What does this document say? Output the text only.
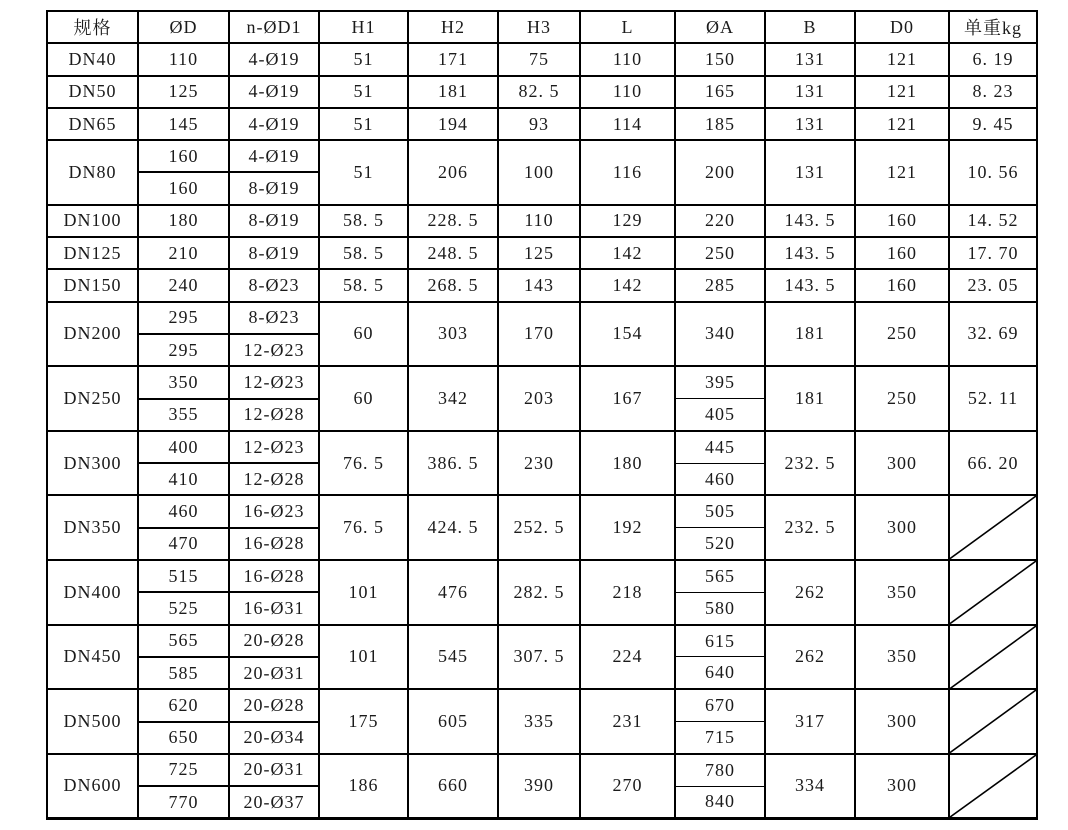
规格	ØD	n-ØD1	H1	H2	H3	L	ØA	B	D0	单重kg
DN40	110	4-Ø19	51	171	75	110	150	131	121	6. 19
DN50	125	4-Ø19	51	181	82. 5	110	165	131	121	8. 23
DN65	145	4-Ø19	51	194	93	114	185	131	121	9. 45
DN80	160	4-Ø19	51	206	100	116	200	131	121	10. 56
	160	8-Ø19								
DN100	180	8-Ø19	58. 5	228. 5	110	129	220	143. 5	160	14. 52
DN125	210	8-Ø19	58. 5	248. 5	125	142	250	143. 5	160	17. 70
DN150	240	8-Ø23	58. 5	268. 5	143	142	285	143. 5	160	23. 05
DN200	295	8-Ø23	60	303	170	154	340	181	250	32. 69
	295	12-Ø23								
DN250	350	12-Ø23	60	342	203	167	395	181	250	52. 11
	355	12-Ø28					405			
DN300	400	12-Ø23	76. 5	386. 5	230	180	445	232. 5	300	66. 20
	410	12-Ø28					460			
DN350	460	16-Ø23	76. 5	424. 5	252. 5	192	505	232. 5	300	

	470	16-Ø28					520			
DN400	515	16-Ø28	101	476	282. 5	218	565	262	350	

	525	16-Ø31					580			
DN450	565	20-Ø28	101	545	307. 5	224	615	262	350	

	585	20-Ø31					640			
DN500	620	20-Ø28	175	605	335	231	670	317	300	

	650	20-Ø34					715			
DN600	725	20-Ø31	186	660	390	270	780	334	300	

	770	20-Ø37					840			
